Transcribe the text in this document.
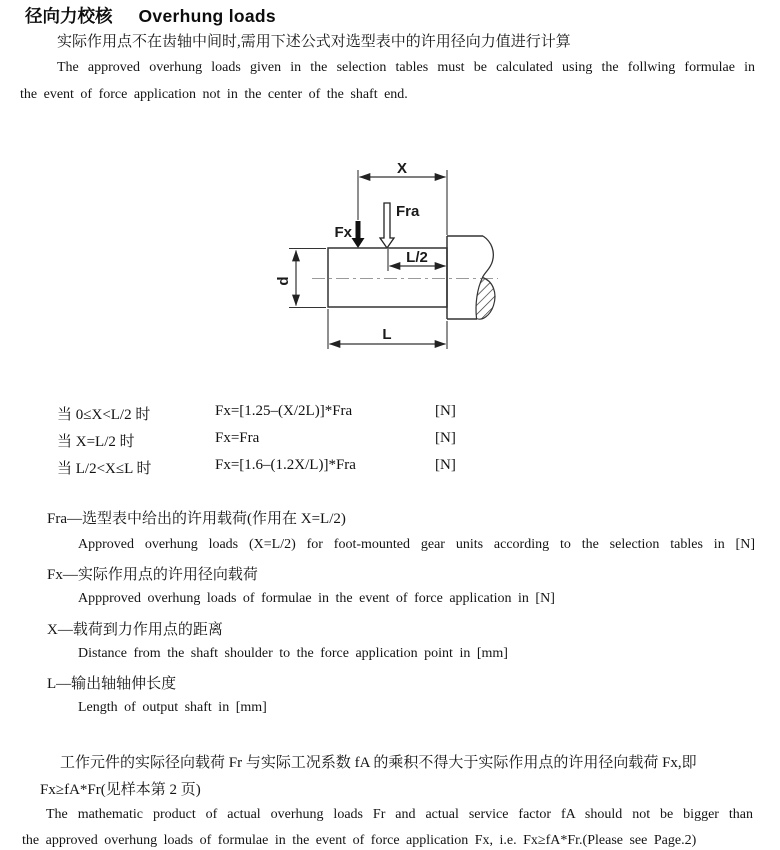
径向力校核 Overhung loads
实际作用点不在齿轴中间时,需用下述公式对选型表中的许用径向力值进行计算
The approved overhung loads given in the selection tables must be calculated using the follwing formulae in
the event of force application not in the center of the shaft end.
X
Fx
Fra
L/2
d
L
当 0≤X<L/2 时	Fx=[1.25–(X/2L)]*Fra	[N]
当 X=L/2 时	Fx=Fra	[N]
当 L/2<X≤L 时	Fx=[1.6–(1.2X/L)]*Fra	[N]
Fra—选型表中给出的许用载荷(作用在 X=L/2)
Approved overhung loads (X=L/2) for foot-mounted gear units according to the selection tables in [N]
Fx—实际作用点的许用径向载荷
Appproved overhung loads of formulae in the event of force application in [N]
X—载荷到力作用点的距离
Distance from the shaft shoulder to the force application point in [mm]
L—输出轴轴伸长度
Length of output shaft in [mm]
工作元件的实际径向载荷 Fr 与实际工况系数 fA 的乘积不得大于实际作用点的许用径向载荷 Fx,即
Fx≥fA*Fr(见样本第 2 页)
The mathematic product of actual overhung loads Fr and actual service factor fA should not be bigger than
the approved overhung loads of formulae in the event of force application Fx, i.e. Fx≥fA*Fr.(Please see Page.2)
